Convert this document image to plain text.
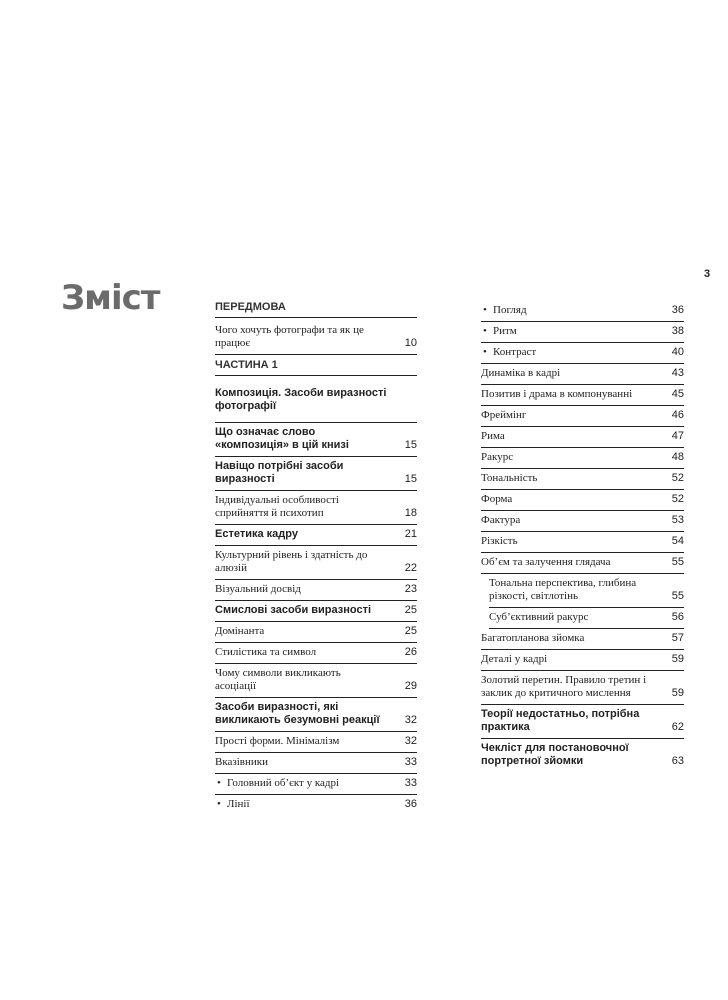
Зміст
3
ПЕРЕДМОВА
Чого хочуть фотографи та як це працює	10
ЧАСТИНА 1
Композиція. Засоби виразності фотографії
Що означає слово «композиція» в цій книзі	15
Навіщо потрібні засоби виразності	15
Індивідуальні особливості сприйняття й психотип	18
Естетика кадру	21
Культурний рівень і здатність до алюзій	22
Візуальний досвід	23
Смислові засоби виразності	25
Домінанта	25
Стилістика та символ	26
Чому символи викликають асоціації	29
Засоби виразності, які викликають безумовні реакції	32
Прості форми. Мінімалізм	32
Вказівники	33
• Головний об’єкт у кадрі	33
• Лінії	36
• Погляд	36
• Ритм	38
• Контраст	40
Динаміка в кадрі	43
Позитив і драма в компонуванні	45
Фреймінг	46
Рима	47
Ракурс	48
Тональність	52
Форма	52
Фактура	53
Різкість	54
Об’єм та залучення глядача	55
Тональна перспектива, глибина різкості, світлотінь	55
Суб’єктивний ракурс	56
Багатопланова зйомка	57
Деталі у кадрі	59
Золотий перетин. Правило третин і заклик до критичного мислення	59
Теорії недостатньо, потрібна практика	62
Чекліст для постановочної портретної зйомки	63
